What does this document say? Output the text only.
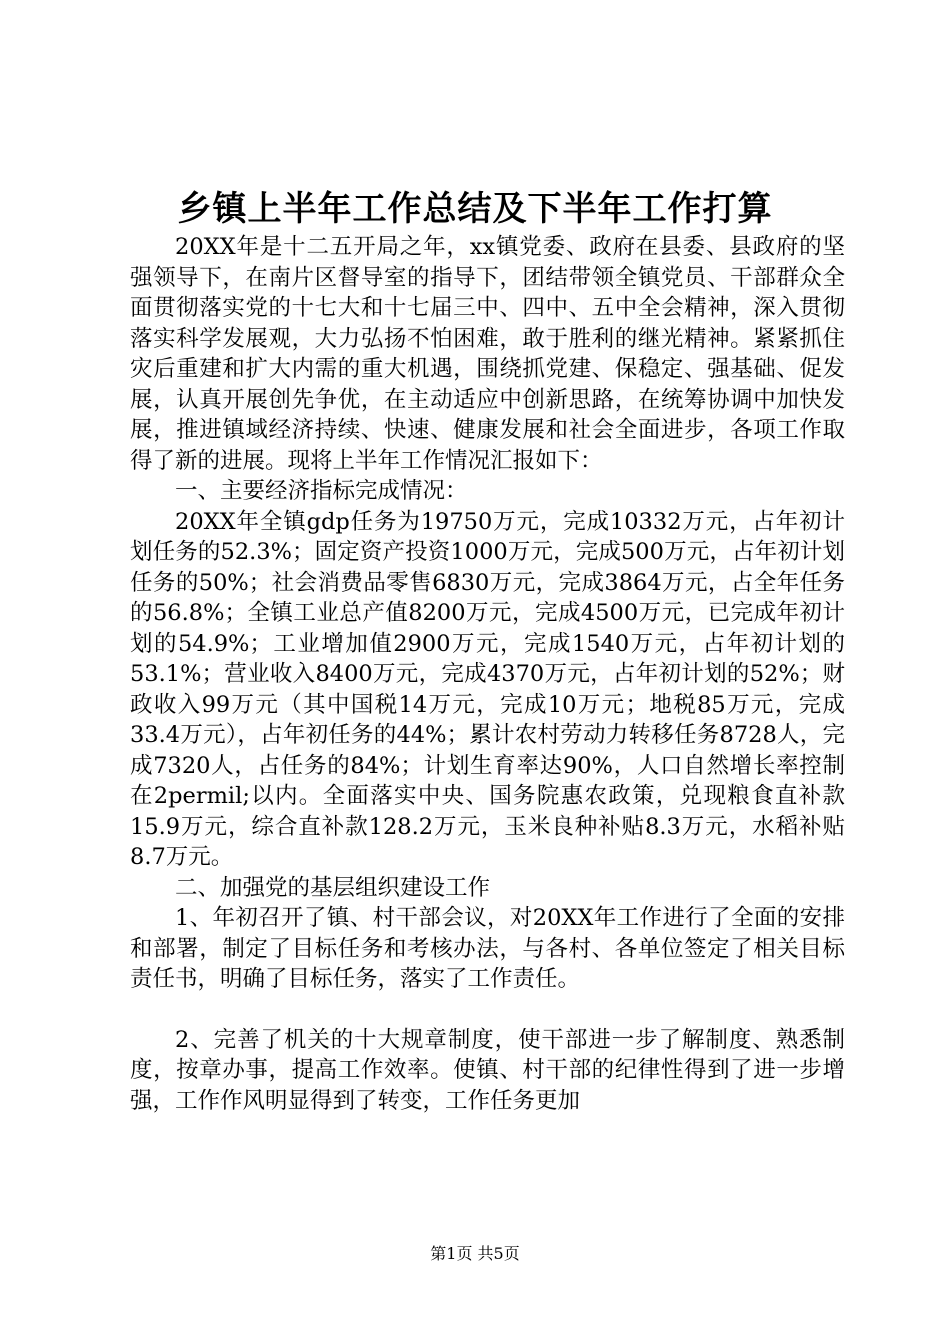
乡镇上半年工作总结及下半年工作打算

20XX年是十二五开局之年，xx镇党委、政府在县委、县政府的坚强领导下，在南片区督导室的指导下，团结带领全镇党员、干部群众全面贯彻落实党的十七大和十七届三中、四中、五中全会精神，深入贯彻落实科学发展观，大力弘扬不怕困难，敢于胜利的继光精神。紧紧抓住灾后重建和扩大内需的重大机遇，围绕抓党建、保稳定、强基础、促发展，认真开展创先争优，在主动适应中创新思路，在统筹协调中加快发展，推进镇域经济持续、快速、健康发展和社会全面进步，各项工作取得了新的进展。现将上半年工作情况汇报如下：

一、主要经济指标完成情况：

20XX年全镇gdp任务为19750万元，完成10332万元，占年初计划任务的52.3%；固定资产投资1000万元，完成500万元，占年初计划任务的50%；社会消费品零售6830万元，完成3864万元，占全年任务的56.8%；全镇工业总产值8200万元，完成4500万元，已完成年初计划的54.9%；工业增加值2900万元，完成1540万元，占年初计划的53.1%；营业收入8400万元，完成4370万元，占年初计划的52%；财政收入99万元（其中国税14万元，完成10万元；地税85万元，完成33.4万元），占年初任务的44%；累计农村劳动力转移任务8728人，完成7320人，占任务的84%；计划生育率达90%，人口自然增长率控制在2permil;以内。全面落实中央、国务院惠农政策，兑现粮食直补款15.9万元，综合直补款128.2万元，玉米良种补贴8.3万元，水稻补贴8.7万元。

二、加强党的基层组织建设工作

1、年初召开了镇、村干部会议，对20XX年工作进行了全面的安排和部署，制定了目标任务和考核办法，与各村、各单位签定了相关目标责任书，明确了目标任务，落实了工作责任。

2、完善了机关的十大规章制度，使干部进一步了解制度、熟悉制度，按章办事，提高工作效率。使镇、村干部的纪律性得到了进一步增强，工作作风明显得到了转变，工作任务更加

第1页 共5页
